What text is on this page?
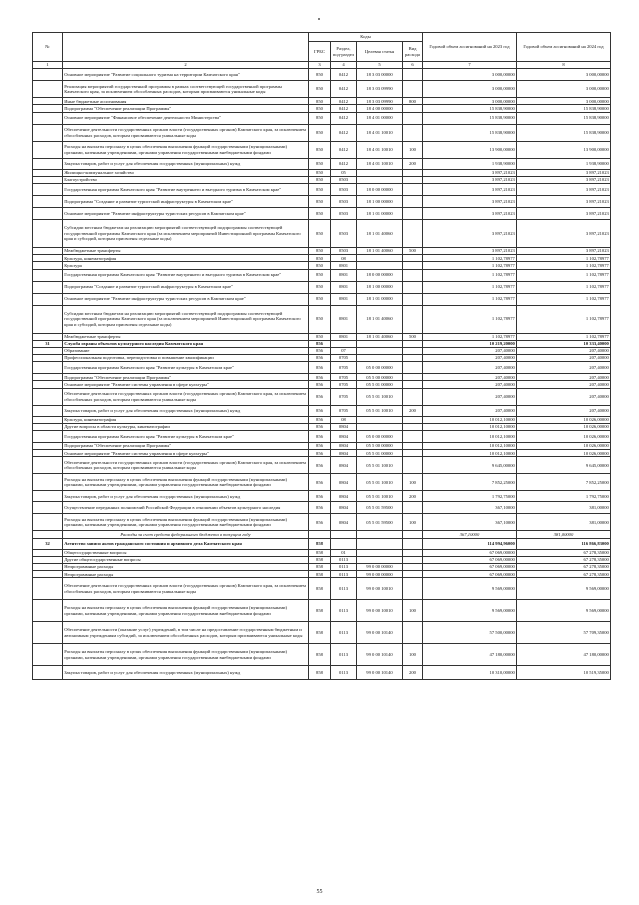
№		Коды				Годовой объем ассигнований на 2023 год	Годовой объем ассигнований на 2024 год
		ГРБС	Раздел, под-раздел	Целевая статья	Вид расхода		
1	2	3	4	5	6	7	8
	Основное мероприятие "Развитие социального туризма на территории Камчатского края"	850	0412	18 3 03 00000		3 000,00000	3 000,00000
	Реализация мероприятий государственной программы в рамках соответствующей государственной программы Камчатского края, за исключением обособленных расходов, которым присваиваются уникальные коды	850	0412	18 3 03 09990		3 000,00000	3 000,00000
	Иные бюджетные ассигнования	850	0412	18 3 03 09990	800	3 000,00000	3 000,00000
	Подпрограмма "Обеспечение реализации Программы"	850	0412	18 4 00 00000		15 838,90000	15 838,90000
	Основное мероприятие "Финансовое обеспечение деятельности Министерства"	850	0412	18 4 01 00000		15 838,90000	15 838,90000
	Обеспечение деятельности государственных органов власти (государственных органов) Камчатского края, за исключением обособленных расходов, которым присваиваются уникальные коды	850	0412	18 4 01 10010		15 838,90000	15 838,90000
	Расходы на выплаты персоналу в целях обеспечения выполнения функций государственными (муниципальными) органами, казенными учреждениями, органами управления государственными внебюджетными фондами	850	0412	18 4 01 10010	100	13 900,00000	13 900,00000
	Закупка товаров, работ и услуг для обеспечения государственных (муниципальных) нужд	850	0412	18 4 01 10010	200	1 938,90000	1 938,90000
	Жилищно-коммунальное хозяйство	850	05			3 897,21023	3 897,21023
	Благоустройство	850	0503			3 897,21023	3 897,21023
	Государственная программа Камчатского края "Развитие внутреннего и въездного туризма в Камчатском крае"	850	0503	18 0 00 00000		3 897,21023	3 897,21023
	Подпрограмма "Создание и развитие туристской инфраструктуры в Камчатском крае"	850	0503	18 1 00 00000		3 897,21023	3 897,21023
	Основное мероприятие "Развитие инфраструктуры туристских ресурсов в Камчатском крае"	850	0503	18 1 01 00000		3 897,21023	3 897,21023
	Субсидии местным бюджетам на реализацию мероприятий соответствующей подпрограммы соответствующей государственной программы Камчатского края (за исключением мероприятий Инвестиционной программы Камчатского края и субсидий, которым присвоены отдельные коды)	850	0503	18 1 01 40060		3 897,21023	3 897,21023
	Межбюджетные трансферты	850	0503	18 1 01 40060	500	3 897,21023	3 897,21023
	Культура, кинематография	850	08			1 102,78977	1 102,78977
	Культура	850	0801			1 102,78977	1 102,78977
	Государственная программа Камчатского края "Развитие внутреннего и въездного туризма в Камчатском крае"	850	0801	18 0 00 00000		1 102,78977	1 102,78977
	Подпрограмма "Создание и развитие туристской инфраструктуры в Камчатском крае"	850	0801	18 1 00 00000		1 102,78977	1 102,78977
	Основное мероприятие "Развитие инфраструктуры туристских ресурсов в Камчатском крае"	850	0801	18 1 01 00000		1 102,78977	1 102,78977
	Субсидии местным бюджетам на реализацию мероприятий соответствующей подпрограммы соответствующей государственной программы Камчатского края (за исключением мероприятий Инвестиционной программы Камчатского края и субсидий, которым присвоены отдельные коды)	850	0801	18 1 01 40060		1 102,78977	1 102,78977
	Межбюджетные трансферты	850	0801	18 1 01 40060	500	1 102,78977	1 102,78977
31	Служба охраны объектов культурного наследия Камчатского края	856				10 219,20000	10 333,40000
	Образование	856	07			207,40000	207,40000
	Профессиональная подготовка, переподготовка и повышение квалификации	856	0705			207,40000	207,40000
	Государственная программа Камчатского края "Развитие культуры в Камчатском крае"	856	0705	05 0 00 00000		207,40000	207,40000
	Подпрограмма "Обеспечение реализации Программы"	856	0705	05 5 00 00000		207,40000	207,40000
	Основное мероприятие "Развитие системы управления в сфере культуры"	856	0705	05 5 01 00000		207,40000	207,40000
	Обеспечение деятельности государственных органов власти (государственных органов) Камчатского края, за исключением обособленных расходов, которым присваиваются уникальные коды	856	0705	05 5 01 10010		207,40000	207,40000
	Закупка товаров, работ и услуг для обеспечения государственных (муниципальных) нужд	856	0705	05 5 01 10010	200	207,40000	207,40000
	Культура, кинематография	856	08			10 012,10000	10 026,00000
	Другие вопросы в области культуры, кинематографии	856	0804			10 012,10000	10 026,00000
	Государственная программа Камчатского края "Развитие культуры в Камчатском крае"	856	0804	05 0 00 00000		10 012,10000	10 026,00000
	Подпрограмма "Обеспечение реализации Программы"	856	0804	05 5 00 00000		10 012,10000	10 026,00000
	Основное мероприятие "Развитие системы управления в сфере культуры"	856	0804	05 5 01 00000		10 012,10000	10 026,00000
	Обеспечение деятельности государственных органов власти (государственных органов) Камчатского края, за исключением обособленных расходов, которым присваиваются уникальные коды	856	0804	05 5 01 10010		9 645,00000	9 645,00000
	Расходы на выплаты персоналу в целях обеспечения выполнения функций государственными (муниципальными) органами, казенными учреждениями, органами управления государственными внебюджетными фондами	856	0804	05 5 01 10010	100	7 852,25000	7 852,25000
	Закупка товаров, работ и услуг для обеспечения государственных (муниципальных) нужд	856	0804	05 5 01 10010	200	1 792,75000	1 792,75000
	Осуществление переданных полномочий Российской Федерации в отношении объектов культурного наследия	856	0804	05 5 01 59500		367,10000	381,00000
	Расходы на выплаты персоналу в целях обеспечения выполнения функций государственными (муниципальными) органами, казенными учреждениями, органами управления государственными внебюджетными фондами	856	0804	05 5 01 59500	100	367,10000	381,00000
	Расходы за счет средств федерального бюджета в текущем году					367,10000	381,00000
32	Агентство записи актов гражданского состояния и архивного дела Камчатского края	858				114 994,96000	116 866,83000
	Общегосударственные вопросы	858	01			67 069,00000	67 278,35000
	Другие общегосударственные вопросы	858	0113			67 069,00000	67 278,35000
	Непрограммные расходы	858	0113	99 0 00 00000		67 069,00000	67 278,35000
	Непрограммные расходы	858	0113	99 0 00 00000		67 069,00000	67 278,35000
	Обеспечение деятельности государственных органов власти (государственных органов) Камчатского края, за исключением обособленных расходов, которым присваиваются уникальные коды	858	0113	99 0 00 10010		9 569,00000	9 569,00000
	Расходы на выплаты персоналу в целях обеспечения выполнения функций государственными (муниципальными) органами, казенными учреждениями, органами управления государственными внебюджетными фондами	858	0113	99 0 00 10010	100	9 569,00000	9 569,00000
	Обеспечение деятельности (оказание услуг) учреждений, в том числе на предоставление государственным бюджетным и автономным учреждениям субсидий, за исключением обособленных расходов, которым присваиваются уникальные коды	858	0113	99 0 00 10140		57 500,00000	57 709,35000
	Расходы на выплаты персоналу в целях обеспечения выполнения функций государственными (муниципальными) органами, казенными учреждениями, органами управления государственными внебюджетными фондами	858	0113	99 0 00 10140	100	47 180,00000	47 180,00000
	Закупка товаров, работ и услуг для обеспечения государственных (муниципальных) нужд	858	0113	99 0 00 10140	200	10 310,00000	10 519,35000
55
